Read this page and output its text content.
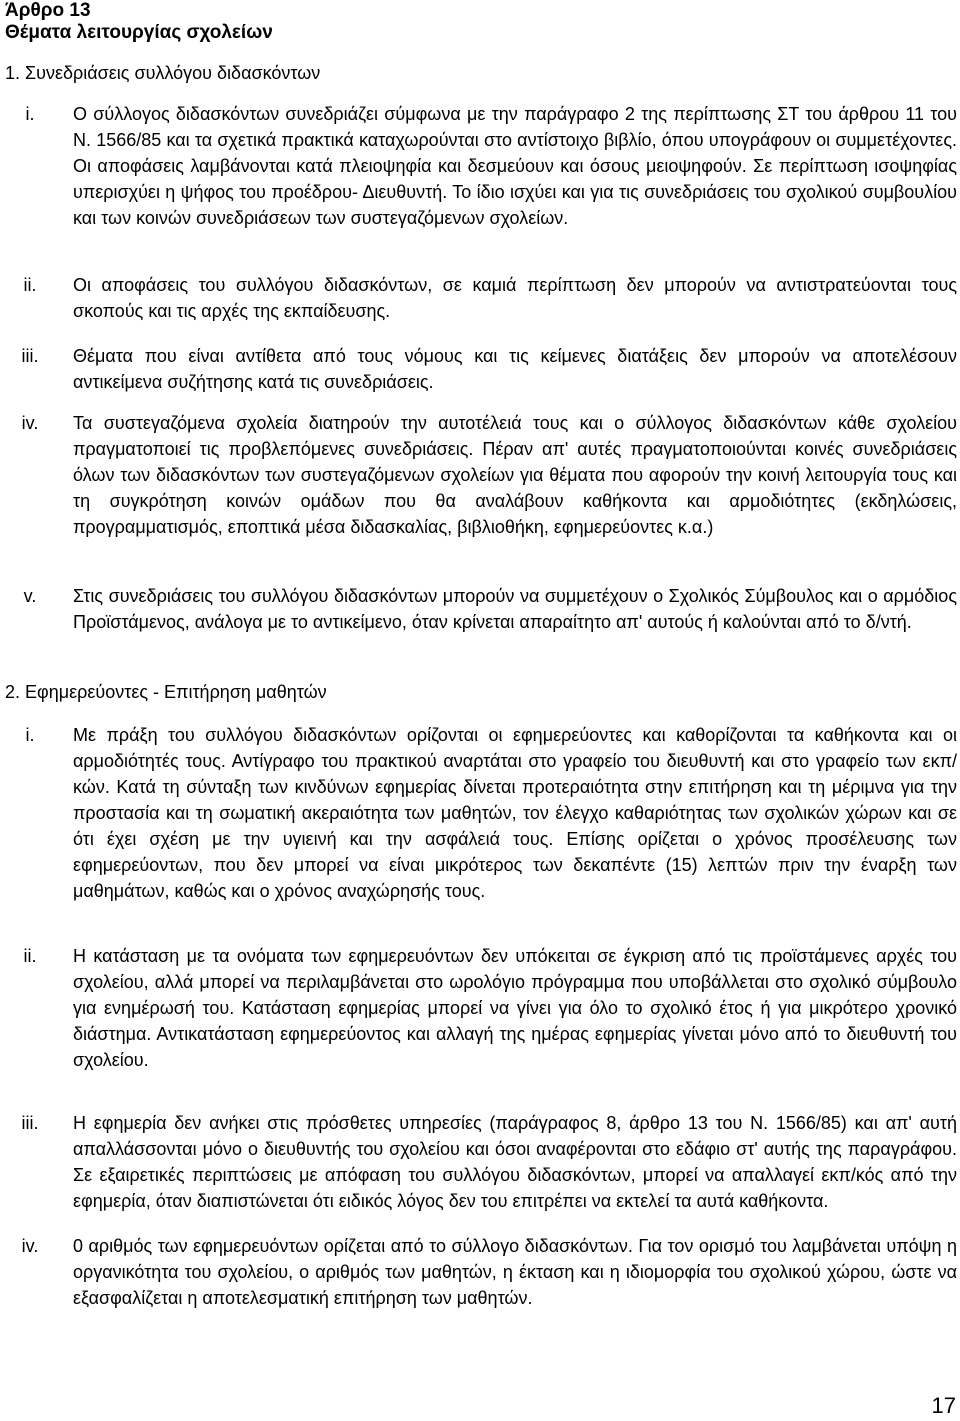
Άρθρο 13
Θέματα λειτουργίας σχολείων
1. Συνεδριάσεις συλλόγου διδασκόντων
i.	Ο σύλλογος διδασκόντων συνεδριάζει σύμφωνα με την παράγραφο 2 της περίπτωσης ΣΤ του άρθρου 11 του Ν. 1566/85 και τα σχετικά πρακτικά καταχωρούνται στο αντίστοιχο βιβλίο, όπου υπογράφουν οι συμμετέχοντες. Οι αποφάσεις λαμβάνονται κατά πλειοψηφία και δεσμεύουν και όσους μειοψηφούν. Σε περίπτωση ισοψηφίας υπερισχύει η ψήφος του προέδρου- Διευθυντή. Το ίδιο ισχύει και για τις συνεδριάσεις του σχολικού συμβουλίου και των κοινών συνεδριάσεων των συστεγαζόμενων σχολείων.
ii.	Οι αποφάσεις του συλλόγου διδασκόντων, σε καμιά περίπτωση δεν μπορούν να αντιστρατεύονται τους σκοπούς και τις αρχές της εκπαίδευσης.
iii.	Θέματα που είναι αντίθετα από τους νόμους και τις κείμενες διατάξεις δεν μπορούν να αποτελέσουν αντικείμενα συζήτησης κατά τις συνεδριάσεις.
iv.	Τα συστεγαζόμενα σχολεία διατηρούν την αυτοτέλειά τους και ο σύλλογος διδασκόντων κάθε σχολείου πραγματοποιεί τις προβλεπόμενες συνεδριάσεις. Πέραν απ' αυτές πραγματοποιούνται κοινές συνεδριάσεις όλων των διδασκόντων των συστεγαζόμενων σχολείων για θέματα που αφορούν την κοινή λειτουργία τους και τη συγκρότηση κοινών ομάδων που θα αναλάβουν καθήκοντα και αρμοδιότητες (εκδηλώσεις, προγραμματισμός, εποπτικά μέσα διδασκαλίας, βιβλιοθήκη, εφημερεύοντες κ.α.)
v.	Στις συνεδριάσεις του συλλόγου διδασκόντων μπορούν να συμμετέχουν ο Σχολικός Σύμβουλος και ο αρμόδιος Προϊστάμενος, ανάλογα με το αντικείμενο, όταν κρίνεται απαραίτητο απ' αυτούς ή καλούνται από το δ/ντή.
2. Εφημερεύοντες - Επιτήρηση μαθητών
i.	Με πράξη του συλλόγου διδασκόντων ορίζονται οι εφημερεύοντες και καθορίζονται τα καθήκοντα και οι αρμοδιότητές τους. Αντίγραφο του πρακτικού αναρτάται στο γραφείο του διευθυντή και στο γραφείο των εκπ/κών. Κατά τη σύνταξη των κινδύνων εφημερίας δίνεται προτεραιότητα στην επιτήρηση και τη μέριμνα για την προστασία και τη σωματική ακεραιότητα των μαθητών, τον έλεγχο καθαριότητας των σχολικών χώρων και σε ότι έχει σχέση με την υγιεινή και την ασφάλειά τους. Επίσης ορίζεται ο χρόνος προσέλευσης των εφημερεύοντων, που δεν μπορεί να είναι μικρότερος των δεκαπέντε (15) λεπτών πριν την έναρξη των μαθημάτων, καθώς και ο χρόνος αναχώρησής τους.
ii.	Η κατάσταση με τα ονόματα των εφημερευόντων δεν υπόκειται σε έγκριση από τις προϊστάμενες αρχές του σχολείου, αλλά μπορεί να περιλαμβάνεται στο ωρολόγιο πρόγραμμα που υποβάλλεται στο σχολικό σύμβουλο για ενημέρωσή του. Κατάσταση εφημερίας μπορεί να γίνει για όλο το σχολικό έτος ή για μικρότερο χρονικό διάστημα. Αντικατάσταση εφημερεύοντος και αλλαγή της ημέρας εφημερίας γίνεται μόνο από το διευθυντή του σχολείου.
iii.	Η εφημερία δεν ανήκει στις πρόσθετες υπηρεσίες (παράγραφος 8, άρθρο 13 του Ν. 1566/85) και απ' αυτή απαλλάσσονται μόνο ο διευθυντής του σχολείου και όσοι αναφέρονται στο εδάφιο στ' αυτής της παραγράφου. Σε εξαιρετικές περιπτώσεις με απόφαση του συλλόγου διδασκόντων, μπορεί να απαλλαγεί εκπ/κός από την εφημερία, όταν διαπιστώνεται ότι ειδικός λόγος δεν του επιτρέπει να εκτελεί τα αυτά καθήκοντα.
iv.	0 αριθμός των εφημερευόντων ορίζεται από το σύλλογο διδασκόντων. Για τον ορισμό του λαμβάνεται υπόψη η οργανικότητα του σχολείου, ο αριθμός των μαθητών, η έκταση και η ιδιομορφία του σχολικού χώρου, ώστε να εξασφαλίζεται η αποτελεσματική επιτήρηση των μαθητών.
17
